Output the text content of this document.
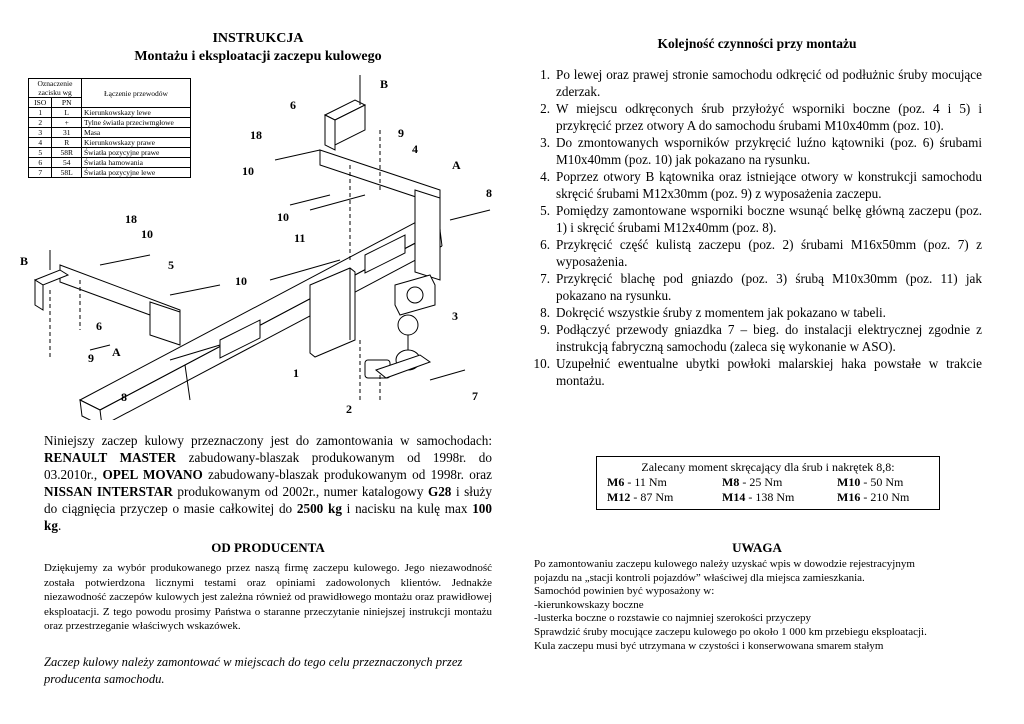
INSTRUKCJA
Montażu i eksploatacji zaczepu kulowego
B
6
18	9
4
10	A
8
18
10
B	5
10
11
10
3
6
A
9
1
8
2
7
Oznaczenie zacisku wg		Łączenie przewodów
ISO	PN	
1	L	Kierunkowskazy lewe
2	+	Tylne światła przeciwmgłowe
3	31	Masa
4	R	Kierunkowskazy prawe
5	58R	Światła pozycyjne prawe
6	54	Światła hamowania
7	58L	Światła pozycyjne lewe
Niniejszy zaczep kulowy przeznaczony jest do zamontowania w samochodach: RENAULT MASTER zabudowany-blaszak produkowanym od 1998r. do 03.2010r., OPEL MOVANO zabudowany-blaszak produkowanym od 1998r. oraz NISSAN INTERSTAR produkowanym od 2002r., numer katalogowy G28 i służy do ciągnięcia przyczep o masie całkowitej do 2500 kg i nacisku na kulę max 100 kg.
OD PRODUCENTA
Dziękujemy za wybór produkowanego przez naszą firmę zaczepu kulowego. Jego niezawodność została potwierdzona licznymi testami oraz opiniami zadowolonych klientów. Jednakże niezawodność zaczepów kulowych jest zależna również od prawidłowego montażu oraz prawidłowej eksploatacji. Z tego powodu prosimy Państwa o staranne przeczytanie niniejszej instrukcji montażu oraz przestrzeganie właściwych wskazówek.
Zaczep kulowy należy zamontować w miejscach do tego celu przeznaczonych przez producenta samochodu.
Kolejność czynności przy montażu
1. Po lewej oraz prawej stronie samochodu odkręcić od podłużnic śruby mocujące zderzak.
2. W miejscu odkręconych śrub przyłożyć wsporniki boczne (poz. 4 i 5) i przykręcić przez otwory A do samochodu śrubami M10x40mm (poz. 10).
3. Do zmontowanych wsporników przykręcić luźno kątowniki (poz. 6) śrubami M10x40mm (poz. 10) jak pokazano na rysunku.
4. Poprzez otwory B kątownika oraz istniejące otwory w konstrukcji samochodu skręcić śrubami M12x30mm (poz. 9) z wyposażenia zaczepu.
5. Pomiędzy zamontowane wsporniki boczne wsunąć belkę główną zaczepu (poz. 1) i skręcić śrubami M12x40mm (poz. 8).
6. Przykręcić część kulistą zaczepu (poz. 2) śrubami M16x50mm (poz. 7) z wyposażenia.
7. Przykręcić blachę pod gniazdo (poz. 3) śrubą M10x30mm (poz. 11) jak pokazano na rysunku.
8. Dokręcić wszystkie śruby z momentem jak pokazano w tabeli.
9. Podłączyć przewody gniazdka 7 – bieg. do instalacji elektrycznej zgodnie z instrukcją fabryczną samochodu (zaleca się wykonanie w ASO).
10. Uzupełnić ewentualne ubytki powłoki malarskiej haka powstałe w trakcie montażu.
Zalecany moment skręcający dla śrub i nakrętek 8,8:
M6 - 11 Nm	M8 - 25 Nm	M10 - 50 Nm
M12 - 87 Nm	M14 - 138 Nm	M16 - 210 Nm
UWAGA
Po zamontowaniu zaczepu kulowego należy uzyskać wpis w dowodzie rejestracyjnym
pojazdu na „stacji kontroli pojazdów” właściwej dla miejsca zamieszkania.
Samochód powinien być wyposażony w:
-kierunkowskazy boczne
-lusterka boczne o rozstawie co najmniej szerokości przyczepy
Sprawdzić śruby mocujące zaczepu kulowego po około 1 000 km przebiegu eksploatacji.
Kula zaczepu musi być utrzymana w czystości i konserwowana smarem stałym
